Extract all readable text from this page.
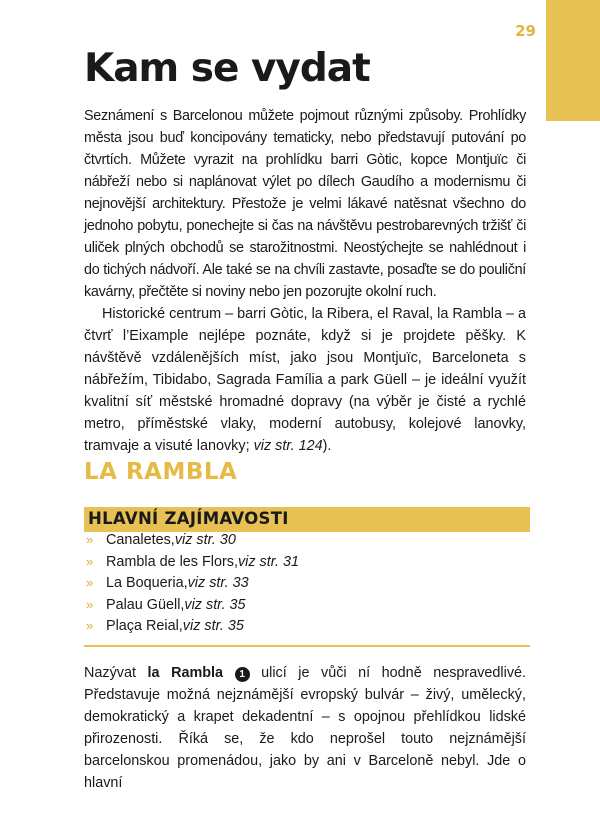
29
Kam se vydat

Seznámení s Barcelonou můžete pojmout různými způsoby. Prohlídky města jsou buď koncipovány tematicky, nebo představují putování po čtvrtích. Můžete vyrazit na prohlídku barri Gòtic, kopce Montjuïc či nábřeží nebo si naplánovat výlet po dílech Gaudího a modernismu či nejnovější architektury. Přestože je velmi lákavé natěsnat všechno do jednoho pobytu, ponechejte si čas na návštěvu pestrobarevných tržišť či uliček plných obchodů se starožitnostmi. Neostýchejte se nahlédnout i do tichých nádvoří. Ale také se na chvíli zastavte, posaďte se do pouliční kavárny, přečtěte si noviny nebo jen pozorujte okolní ruch.

Historické centrum – barri Gòtic, la Ribera, el Raval, la Rambla – a čtvrť l’Eixample nejlépe poznáte, když si je projdete pěšky. K návštěvě vzdálenějších míst, jako jsou Montjuïc, Barceloneta s nábřežím, Tibidabo, Sagrada Família a park Güell – je ideální využít kvalitní síť městské hromadné dopravy (na výběr je čisté a rychlé metro, příměstské vlaky, moderní autobusy, kolejové lanovky, tramvaje a visuté lanovky; viz str. 124).

LA RAMBLA
HLAVNÍ ZAJÍMAVOSTI
» Canaletes, viz str. 30
» Rambla de les Flors, viz str. 31
» La Boqueria, viz str. 33
» Palau Güell, viz str. 35
» Plaça Reial, viz str. 35

Nazývat la Rambla 1 ulicí je vůči ní hodně nespravedlivé. Představuje možná nejznámější evropský bulvár – živý, umělecký, demokratický a krapet dekadentní – s opojnou přehlídkou lidské přirozenosti. Říká se, že kdo neprošel touto nejznámější barcelonskou promenádou, jako by ani v Barceloně nebyl. Jde o hlavní
